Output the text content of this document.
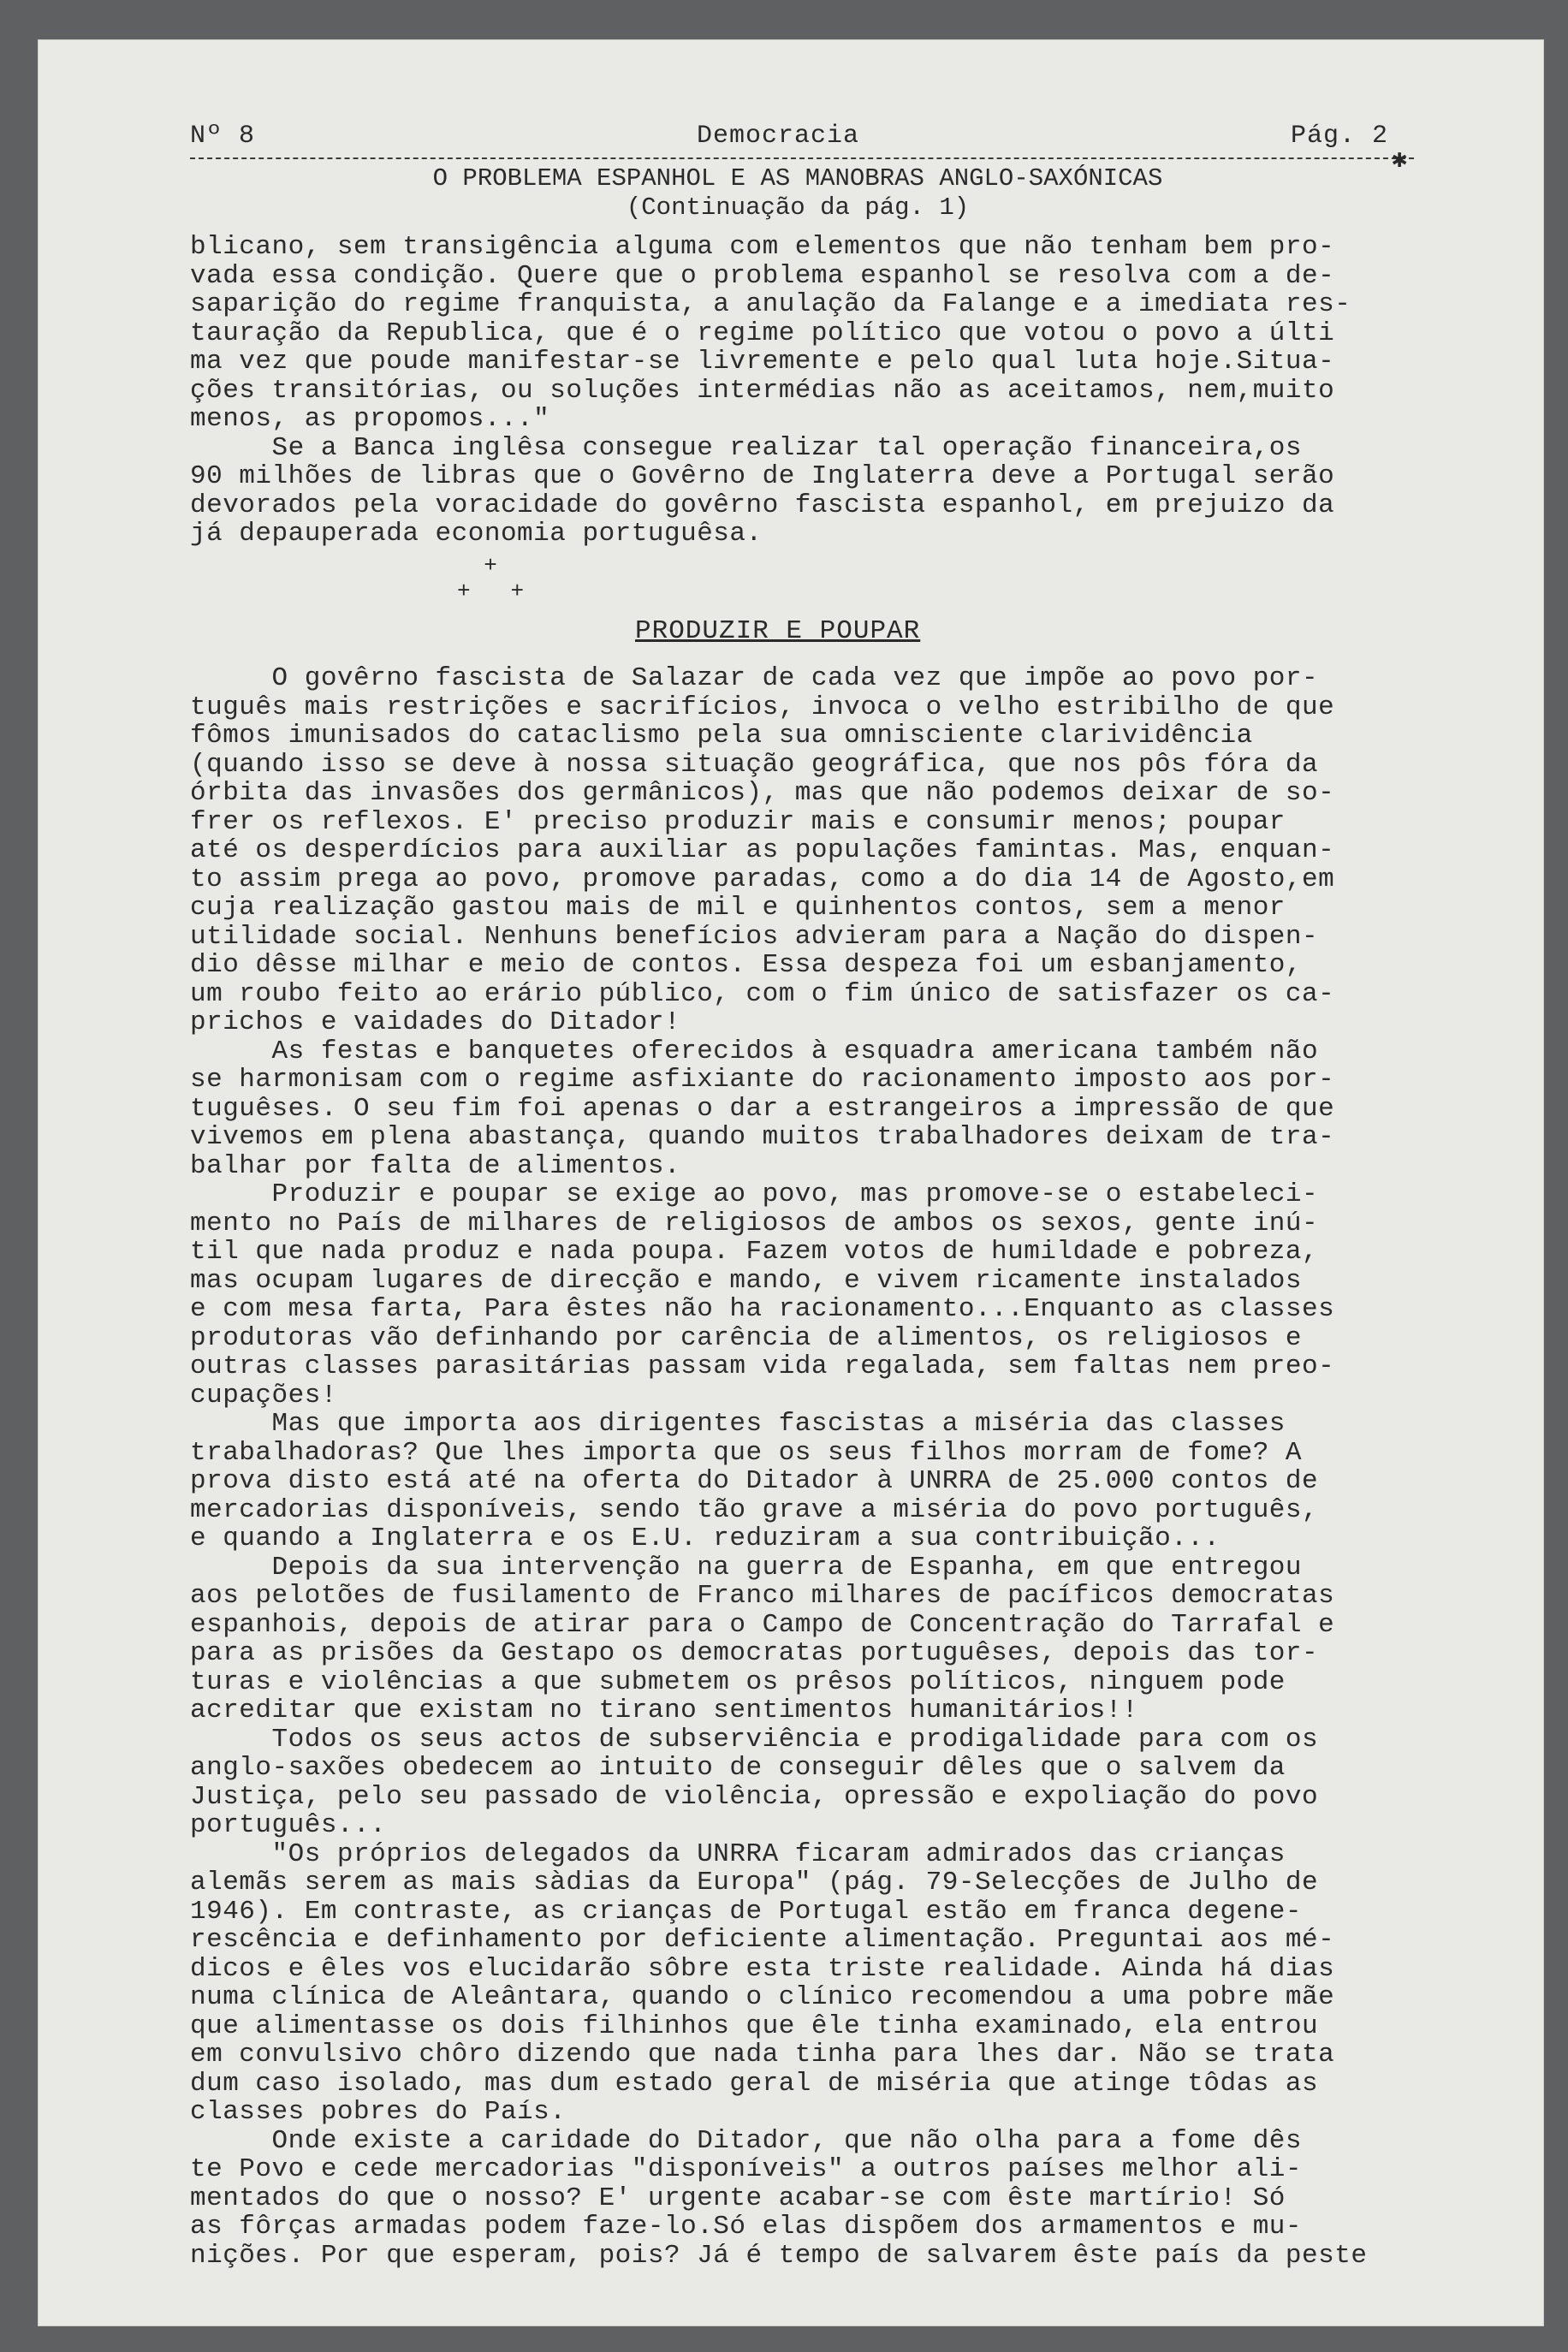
Nº 8	Democracia	Pág. 2
✱
O PROBLEMA ESPANHOL E AS MANOBRAS ANGLO-SAXÓNICAS
(Continuação da pág. 1)
blicano, sem transigência alguma com elementos que não tenham bem pro-
vada essa condição. Quere que o problema espanhol se resolva com a de-
saparição do regime franquista, a anulação da Falange e a imediata res-
tauração da Republica, que é o regime político que votou o povo a últi
ma vez que poude manifestar-se livremente e pelo qual luta hoje.Situa-
ções transitórias, ou soluções intermédias não as aceitamos, nem,muito
menos, as propomos..."
Se a Banca inglêsa consegue realizar tal operação financeira,os
90 milhões de libras que o Govêrno de Inglaterra deve a Portugal serão
devorados pela voracidade do govêrno fascista espanhol, em prejuizo da
já depauperada economia portuguêsa.
+
+   +
PRODUZIR E POUPAR
O govêrno fascista de Salazar de cada vez que impõe ao povo por-
tuguês mais restrições e sacrifícios, invoca o velho estribilho de que
fômos imunisados do cataclismo pela sua omnisciente clarividência
(quando isso se deve à nossa situação geográfica, que nos pôs fóra da
órbita das invasões dos germânicos), mas que não podemos deixar de so-
frer os reflexos. E' preciso produzir mais e consumir menos; poupar
até os desperdícios para auxiliar as populações famintas. Mas, enquan-
to assim prega ao povo, promove paradas, como a do dia 14 de Agosto,em
cuja realização gastou mais de mil e quinhentos contos, sem a menor
utilidade social. Nenhuns benefícios advieram para a Nação do dispen-
dio dêsse milhar e meio de contos. Essa despeza foi um esbanjamento,
um roubo feito ao erário público, com o fim único de satisfazer os ca-
prichos e vaidades do Ditador!
As festas e banquetes oferecidos à esquadra americana também não
se harmonisam com o regime asfixiante do racionamento imposto aos por-
tuguêses. O seu fim foi apenas o dar a estrangeiros a impressão de que
vivemos em plena abastança, quando muitos trabalhadores deixam de tra-
balhar por falta de alimentos.
Produzir e poupar se exige ao povo, mas promove-se o estabeleci-
mento no País de milhares de religiosos de ambos os sexos, gente inú-
til que nada produz e nada poupa. Fazem votos de humildade e pobreza,
mas ocupam lugares de direcção e mando, e vivem ricamente instalados
e com mesa farta, Para êstes não ha racionamento...Enquanto as classes
produtoras vão definhando por carência de alimentos, os religiosos e
outras classes parasitárias passam vida regalada, sem faltas nem preo-
cupações!
Mas que importa aos dirigentes fascistas a miséria das classes
trabalhadoras? Que lhes importa que os seus filhos morram de fome? A
prova disto está até na oferta do Ditador à UNRRA de 25.000 contos de
mercadorias disponíveis, sendo tão grave a miséria do povo português,
e quando a Inglaterra e os E.U. reduziram a sua contribuição...
Depois da sua intervenção na guerra de Espanha, em que entregou
aos pelotões de fusilamento de Franco milhares de pacíficos democratas
espanhois, depois de atirar para o Campo de Concentração do Tarrafal e
para as prisões da Gestapo os democratas portuguêses, depois das tor-
turas e violências a que submetem os prêsos políticos, ninguem pode
acreditar que existam no tirano sentimentos humanitários!!
Todos os seus actos de subserviência e prodigalidade para com os
anglo-saxões obedecem ao intuito de conseguir dêles que o salvem da
Justiça, pelo seu passado de violência, opressão e expoliação do povo
português...
"Os próprios delegados da UNRRA ficaram admirados das crianças
alemãs serem as mais sàdias da Europa" (pág. 79-Selecções de Julho de
1946). Em contraste, as crianças de Portugal estão em franca degene-
rescência e definhamento por deficiente alimentação. Preguntai aos mé-
dicos e êles vos elucidarão sôbre esta triste realidade. Ainda há dias
numa clínica de Aleântara, quando o clínico recomendou a uma pobre mãe
que alimentasse os dois filhinhos que êle tinha examinado, ela entrou
em convulsivo chôro dizendo que nada tinha para lhes dar. Não se trata
dum caso isolado, mas dum estado geral de miséria que atinge tôdas as
classes pobres do País.
Onde existe a caridade do Ditador, que não olha para a fome dês
te Povo e cede mercadorias "disponíveis" a outros países melhor ali-
mentados do que o nosso? E' urgente acabar-se com êste martírio! Só
as fôrças armadas podem faze-lo.Só elas dispõem dos armamentos e mu-
nições. Por que esperam, pois? Já é tempo de salvarem êste país da peste
